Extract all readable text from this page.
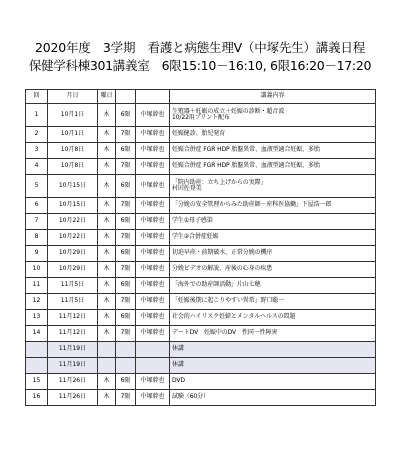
2020年度　3学期　看護と病態生理Ⅴ（中塚先生）講義日程
保健学科棟301講義室　6限15:10－16:10, 6限16:20－17:20
回	月日	曜日			講義内容
1	10月1日	木	6限	中塚幹也	生殖器＋妊娠の成立＋妊娠の診断・超音波
10/22用プリント配布

2	10月1日	木	7限	中塚幹也	妊娠健診、胎児発育
3	10月8日	木	6限	中塚幹也	妊娠合併症 FGR HDP 胎盤異常、血液型適合妊娠、多胎
4	10月8日	木	7限	中塚幹也	妊娠合併症 FGR HDP 胎盤異常、血液型適合妊娠、多胎
5	10月15日	木	6限	中塚幹也	「院内助産：立ち上げからの実際」
村田佐登美

6	10月15日	木	7限	中塚幹也	「分娩の安全管理からみた助産師－産科医協働」下屋浩一郎
7	10月22日	木	6限	中塚幹也	学生①母子感染
8	10月22日	木	7限	中塚幹也	学生②合併症妊娠
9	10月29日	木	6限	中塚幹也	切迫早産・前期破水、正常分娩の機序
10	10月29日	木	7限	中塚幹也	分娩ビデオの解説、産後の心身の疾患
11	11月5日	木	6限	中塚幹也	「海外での助産師活動」片山七穂
12	11月5日	木	7限	中塚幹也	「妊娠後期に起こりやすい異常」野口聡一
13	11月12日	木	6限	中塚幹也	社会的ハイリスク妊婦とメンタルヘルスの問題
14	11月12日	木	7限	中塚幹也	デートDV　妊娠中のDV　性同一性障害
	11月19日				休講
	11月19日				休講
15	11月26日	木	6限	中塚幹也	DVD
16	11月26日	木	7限	中塚幹也	試験（60分）
